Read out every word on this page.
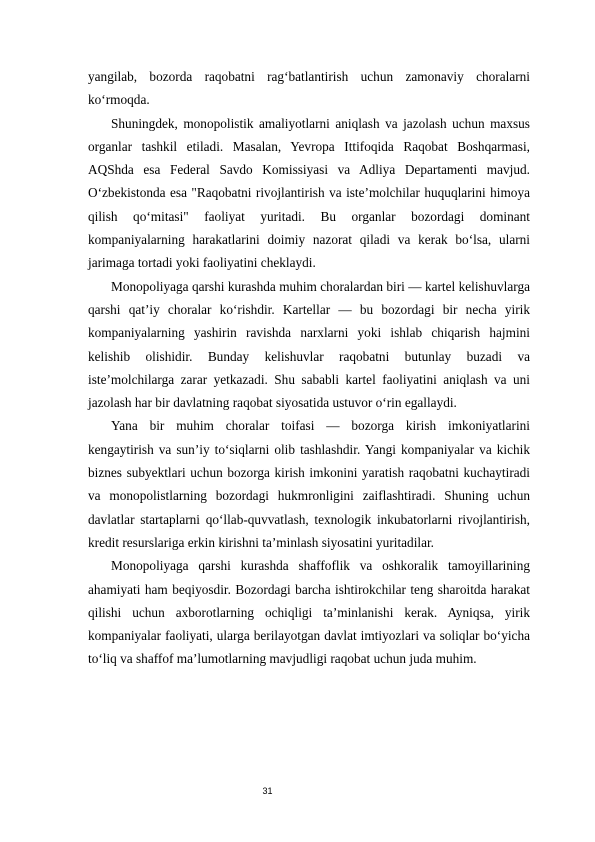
yangilab, bozorda raqobatni rag‘batlantirish uchun zamonaviy choralarni ko‘rmoqda.

Shuningdek, monopolistik amaliyotlarni aniqlash va jazolash uchun maxsus organlar tashkil etiladi. Masalan, Yevropa Ittifoqida Raqobat Boshqarmasi, AQShda esa Federal Savdo Komissiyasi va Adliya Departamenti mavjud. O‘zbekistonda esa "Raqobatni rivojlantirish va iste’molchilar huquqlarini himoya qilish qo‘mitasi" faoliyat yuritadi. Bu organlar bozordagi dominant kompaniyalarning harakatlarini doimiy nazorat qiladi va kerak bo‘lsa, ularni jarimaga tortadi yoki faoliyatini cheklaydi.

Monopoliyaga qarshi kurashda muhim choralardan biri — kartel kelishuvlarga qarshi qat’iy choralar ko‘rishdir. Kartellar — bu bozordagi bir necha yirik kompaniyalarning yashirin ravishda narxlarni yoki ishlab chiqarish hajmini kelishib olishidir. Bunday kelishuvlar raqobatni butunlay buzadi va iste’molchilarga zarar yetkazadi. Shu sababli kartel faoliyatini aniqlash va uni jazolash har bir davlatning raqobat siyosatida ustuvor o‘rin egallaydi.

Yana bir muhim choralar toifasi — bozorga kirish imkoniyatlarini kengaytirish va sun’iy to‘siqlarni olib tashlashdir. Yangi kompaniyalar va kichik biznes subyektlari uchun bozorga kirish imkonini yaratish raqobatni kuchaytiradi va monopolistlarning bozordagi hukmronligini zaiflashtiradi. Shuning uchun davlatlar startaplarni qo‘llab-quvvatlash, texnologik inkubatorlarni rivojlantirish, kredit resurslariga erkin kirishni ta’minlash siyosatini yuritadilar.

Monopoliyaga qarshi kurashda shaffoflik va oshkoralik tamoyillarining ahamiyati ham beqiyosdir. Bozordagi barcha ishtirokchilar teng sharoitda harakat qilishi uchun axborotlarning ochiqligi ta’minlanishi kerak. Ayniqsa, yirik kompaniyalar faoliyati, ularga berilayotgan davlat imtiyozlari va soliqlar bo‘yicha to‘liq va shaffof ma’lumotlarning mavjudligi raqobat uchun juda muhim.

31
